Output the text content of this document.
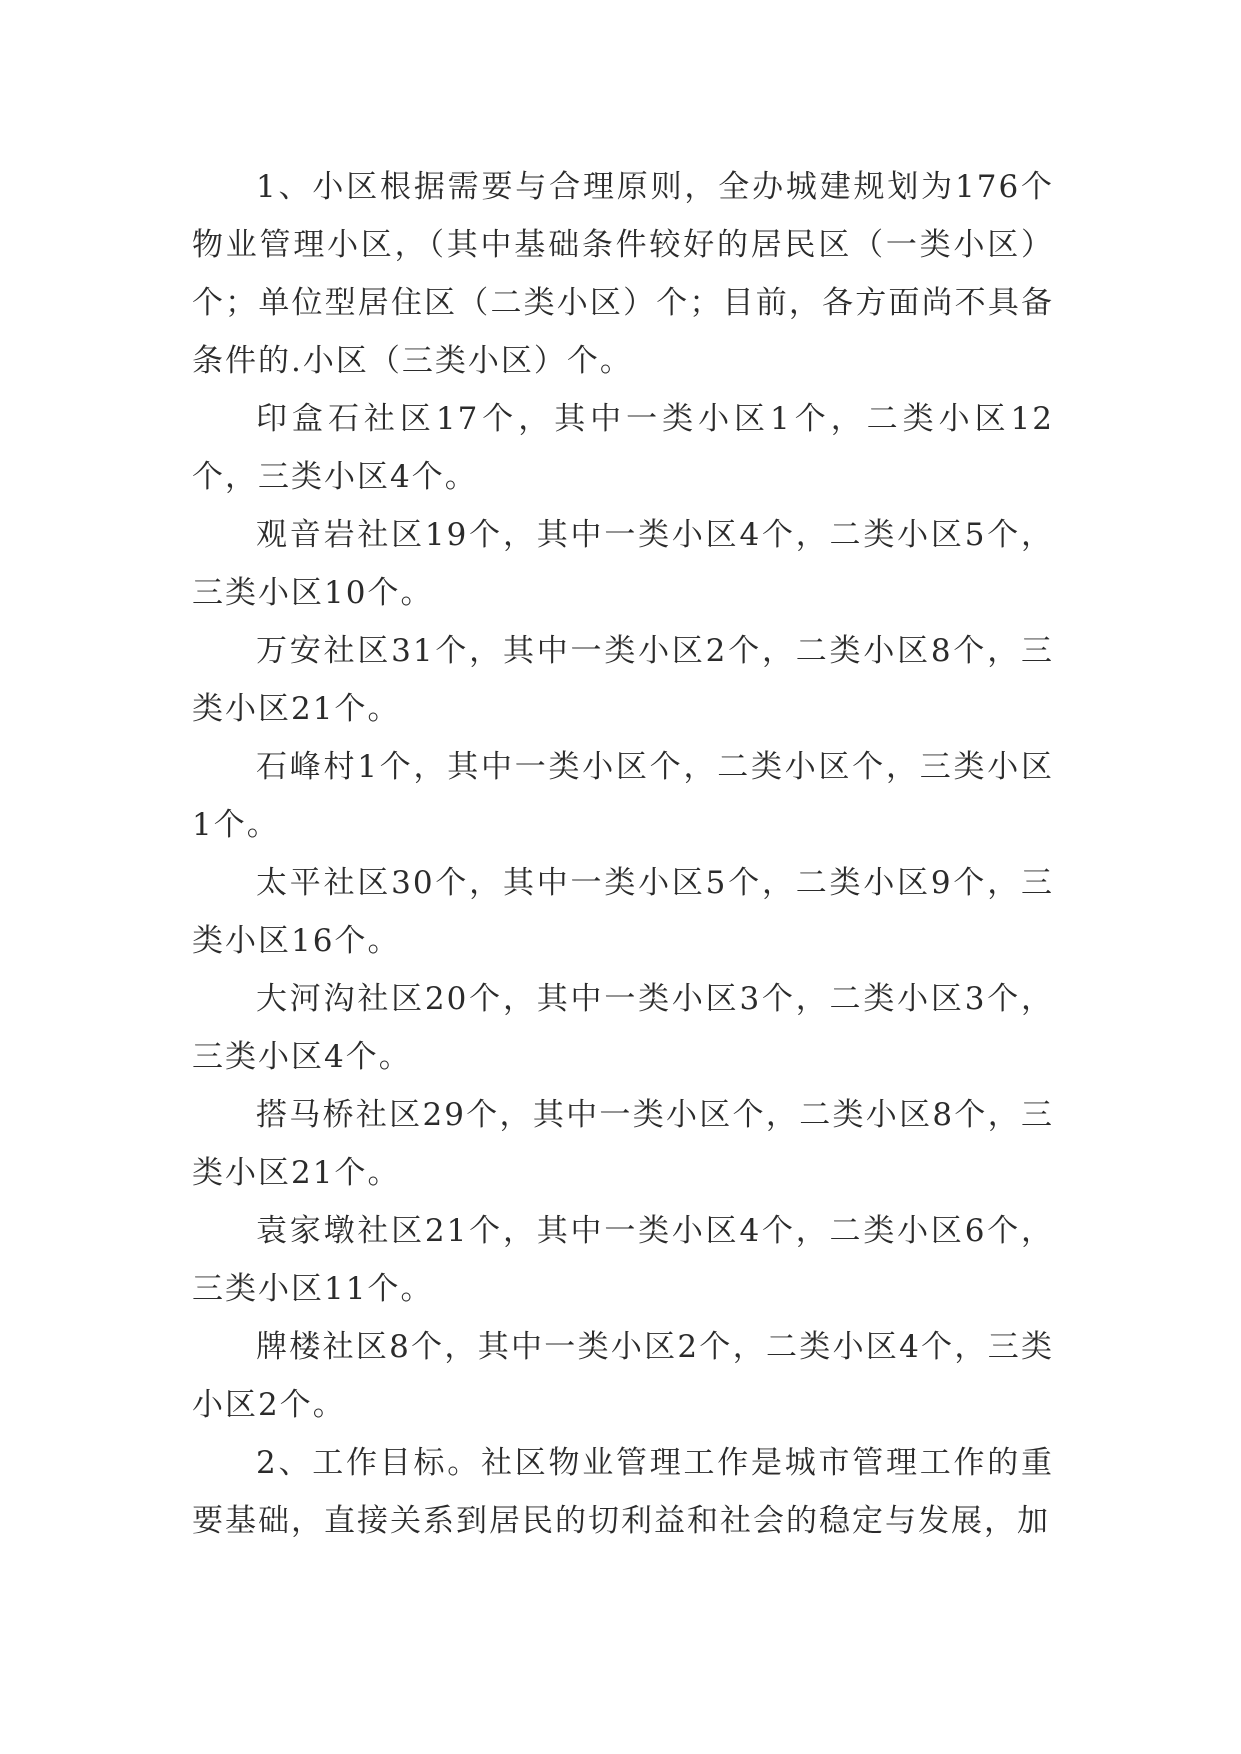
1、小区根据需要与合理原则，全办城建规划为176个物业管理小区，（其中基础条件较好的居民区（一类小区）个；单位型居住区（二类小区）个；目前，各方面尚不具备条件的.小区（三类小区）个。

印盒石社区17个，其中一类小区1个，二类小区12个，三类小区4个。

观音岩社区19个，其中一类小区4个，二类小区5个，三类小区10个。

万安社区31个，其中一类小区2个，二类小区8个，三类小区21个。

石峰村1个，其中一类小区个，二类小区个，三类小区1个。

太平社区30个，其中一类小区5个，二类小区9个，三类小区16个。

大河沟社区20个，其中一类小区3个，二类小区3个，三类小区4个。

搭马桥社区29个，其中一类小区个，二类小区8个，三类小区21个。

袁家墩社区21个，其中一类小区4个，二类小区6个，三类小区11个。

牌楼社区8个，其中一类小区2个，二类小区4个，三类小区2个。

2、工作目标。社区物业管理工作是城市管理工作的重要基础，直接关系到居民的切利益和社会的稳定与发展，加
